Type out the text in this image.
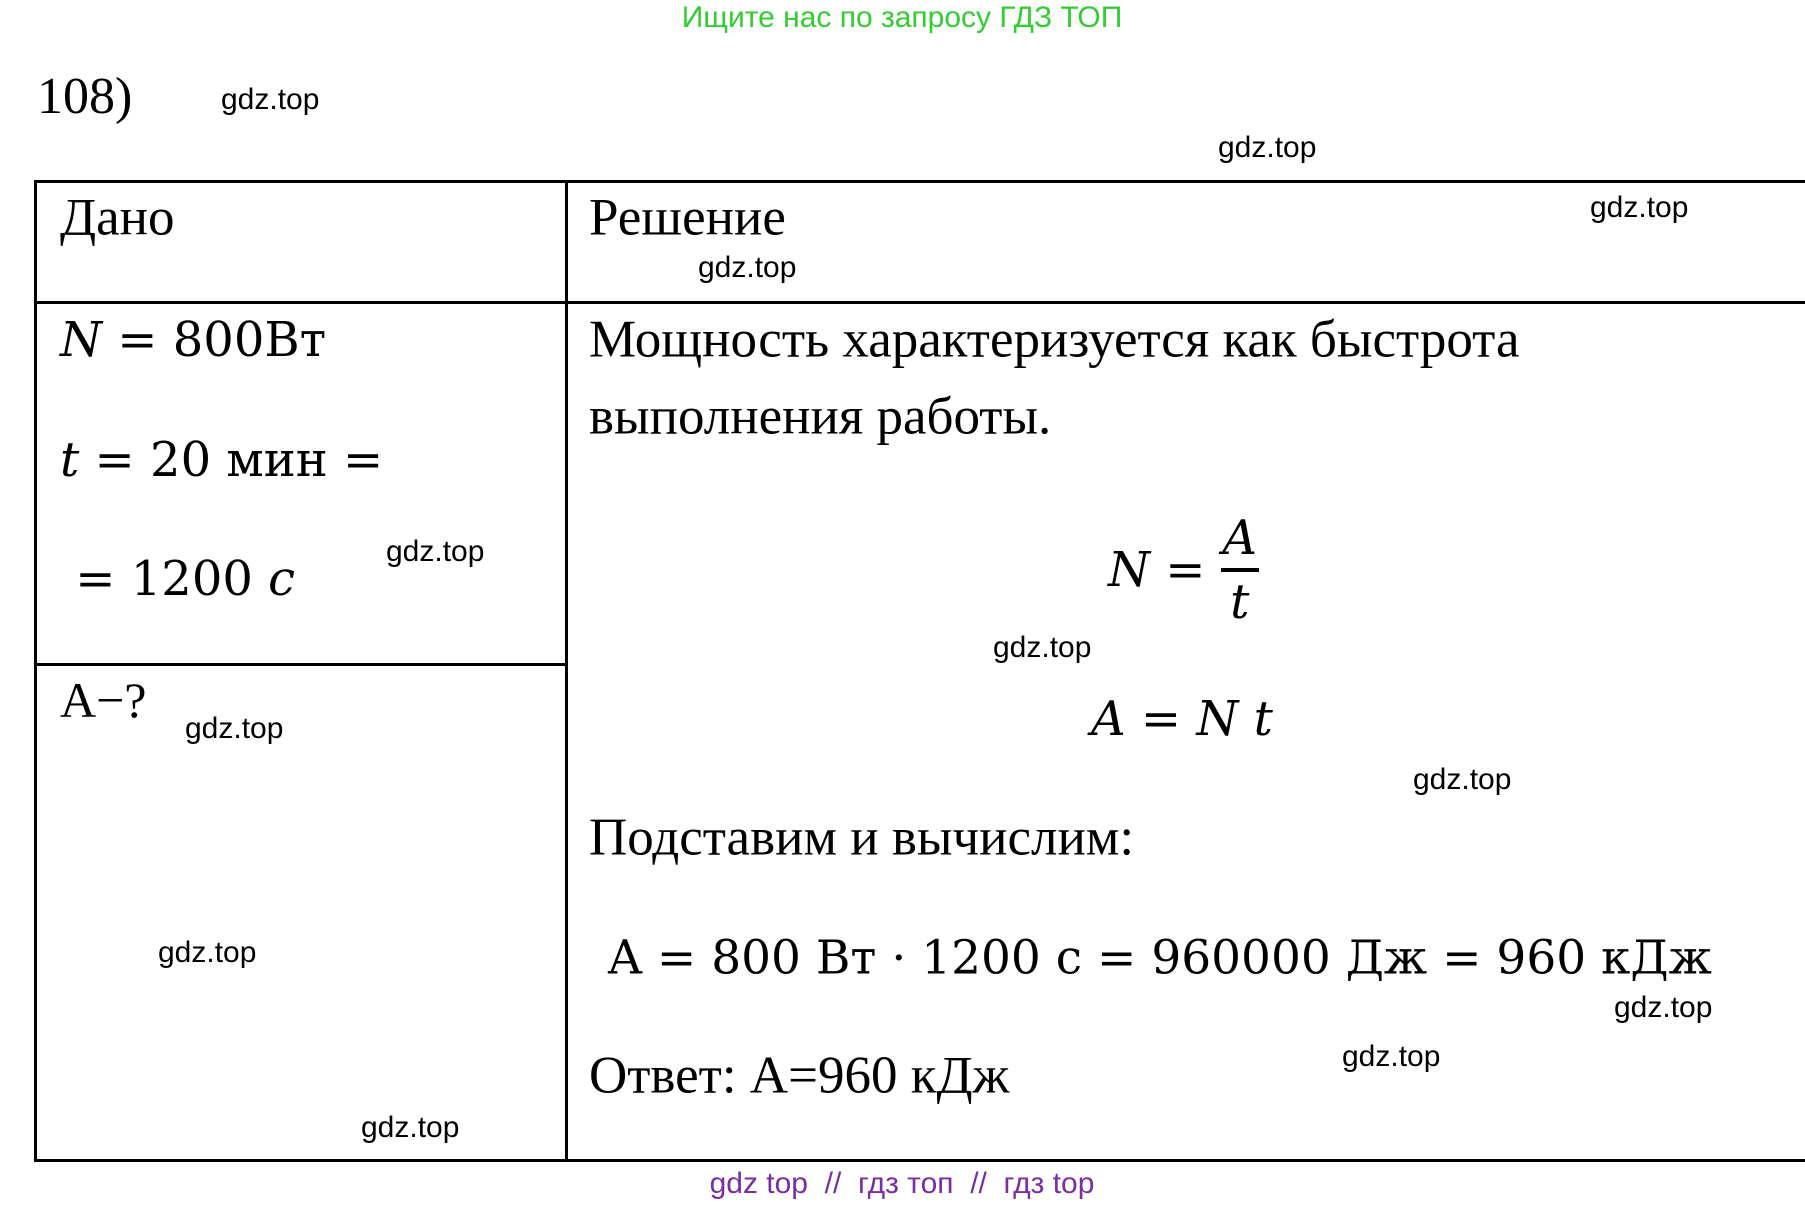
Ищите нас по запросу ГДЗ ТОП
108)
Дано	Решение
N = 800Вт
t = 20 мин =
= 1200 c
A−?
Мощность характеризуется как быстрота
выполнения работы.
$N = \frac{A}{t}$
A = N t
Подставим и вычислим:
A = 800 Вт · 1200 с = 960000 Дж = 960 кДж
Ответ: А=960 кДж
gdz.top
gdz.top
gdz.top
gdz.top
gdz.top
gdz.top
gdz.top
gdz.top
gdz.top
gdz.top
gdz.top
gdz.top
gdz top  //  гдз топ  //  гдз top
